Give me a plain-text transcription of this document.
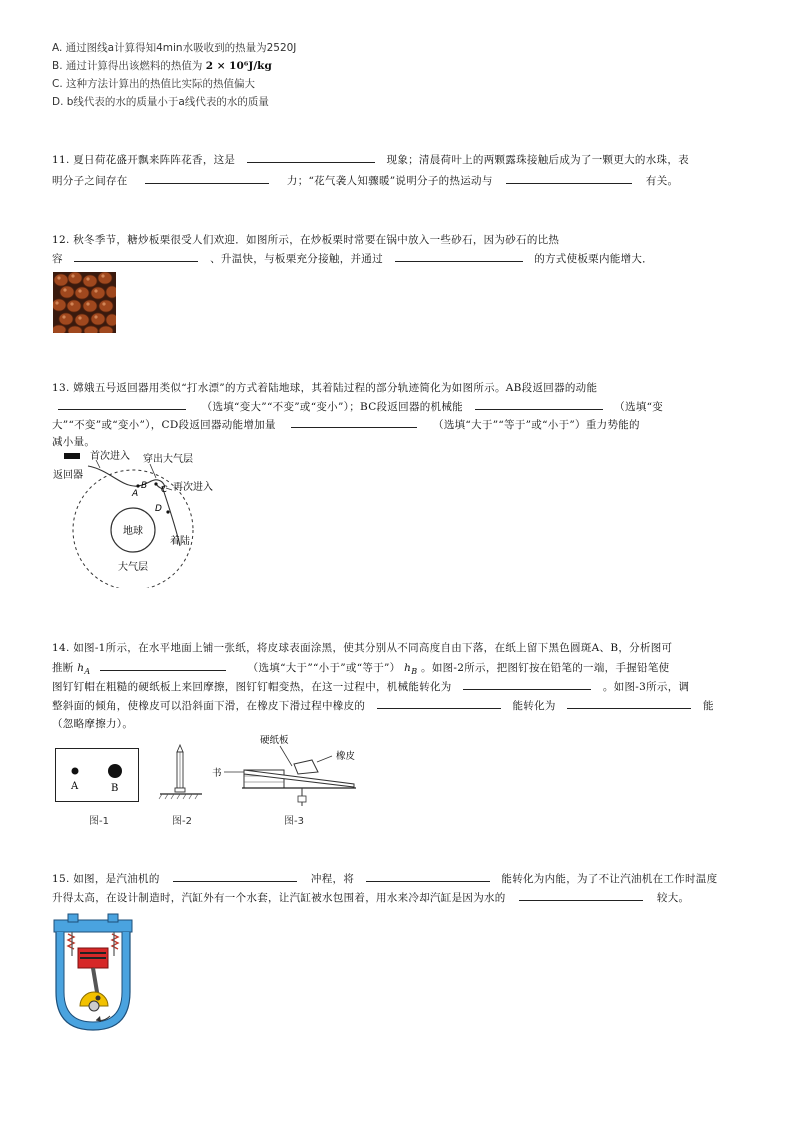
A. 通过图线a计算得知4min水吸收到的热量为2520J
B. 通过计算得出该燃料的热值为 2 × 10⁶J/kg
C. 这种方法计算出的热值比实际的热值偏大
D. b线代表的水的质量小于a线代表的水的质量
11. 夏日荷花盛开飘来阵阵花香，这是	现象；清晨荷叶上的两颗露珠接触后成为了一颗更大的水珠，表
明分子之间存在	力；“花气袭人知骤暖”说明分子的热运动与	有关。
12. 秋冬季节，糖炒板栗很受人们欢迎．如图所示，在炒板栗时常要在锅中放入一些砂石，因为砂石的比热
容	、升温快，与板栗充分接触，并通过	的方式使板栗内能增大．
13. 嫦娥五号返回器用类似“打水漂”的方式着陆地球，其着陆过程的部分轨迹简化为如图所示。AB段返回器的动能
（选填“变大”“不变”或“变小”）；BC段返回器的机械能	（选填“变
大”“不变”或“变小”），CD段返回器动能增加量	（选填“大于”“等于”或“小于”）重力势能的
减小量。
首次进入 穿出大气层
返回器
再次进入
地球
着陆
大气层
A
B C
D
14. 如图-1所示，在水平地面上铺一张纸，将皮球表面涂黑，使其分别从不同高度自由下落，在纸上留下黑色圆斑A、B，分析图可
推断 $h_A$	（选填“大于”“小于”或“等于”） $h_B$ 。如图-2所示，把图钉按在铅笔的一端，手握铅笔使
图钉钉帽在粗糙的硬纸板上来回摩擦，图钉钉帽变热，在这一过程中，机械能转化为	。如图-3所示，调
整斜面的倾角，使橡皮可以沿斜面下滑，在橡皮下滑过程中橡皮的	能转化为	能
（忽略摩擦力）。
A	B
图-1	图-2
硬纸板
橡皮
书
图-3
15. 如图，是汽油机的	冲程，将	能转化为内能，为了不让汽油机在工作时温度
升得太高，在设计制造时，汽缸外有一个水套，让汽缸被水包围着，用水来冷却汽缸是因为水的	较大。
